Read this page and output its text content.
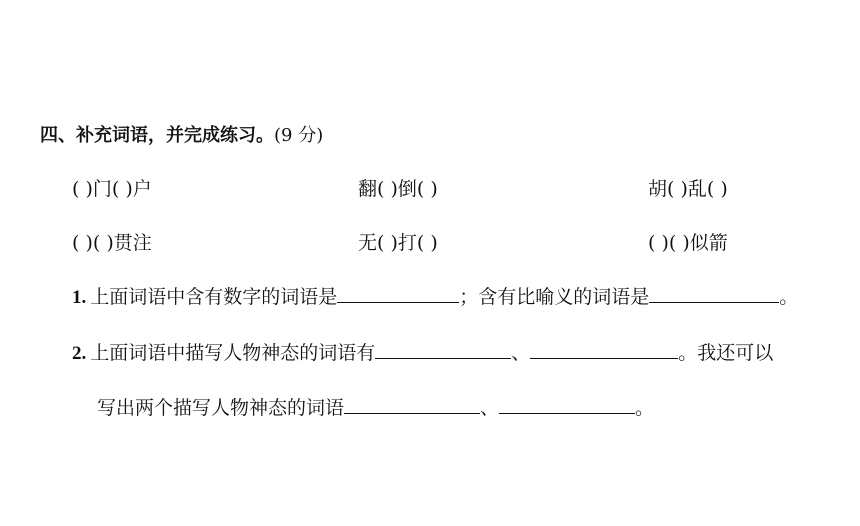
四、补充词语，并完成练习。(9 分)
( )门( )户	翻( )倒( )	胡( )乱( )
( )( )贯注	无( )打( )	( )( )似箭
1. 上面词语中含有数字的词语是	；含有比喻义的词语是	。
2. 上面词语中描写人物神态的词语有	、	。我还可以
写出两个描写人物神态的词语	、	。
